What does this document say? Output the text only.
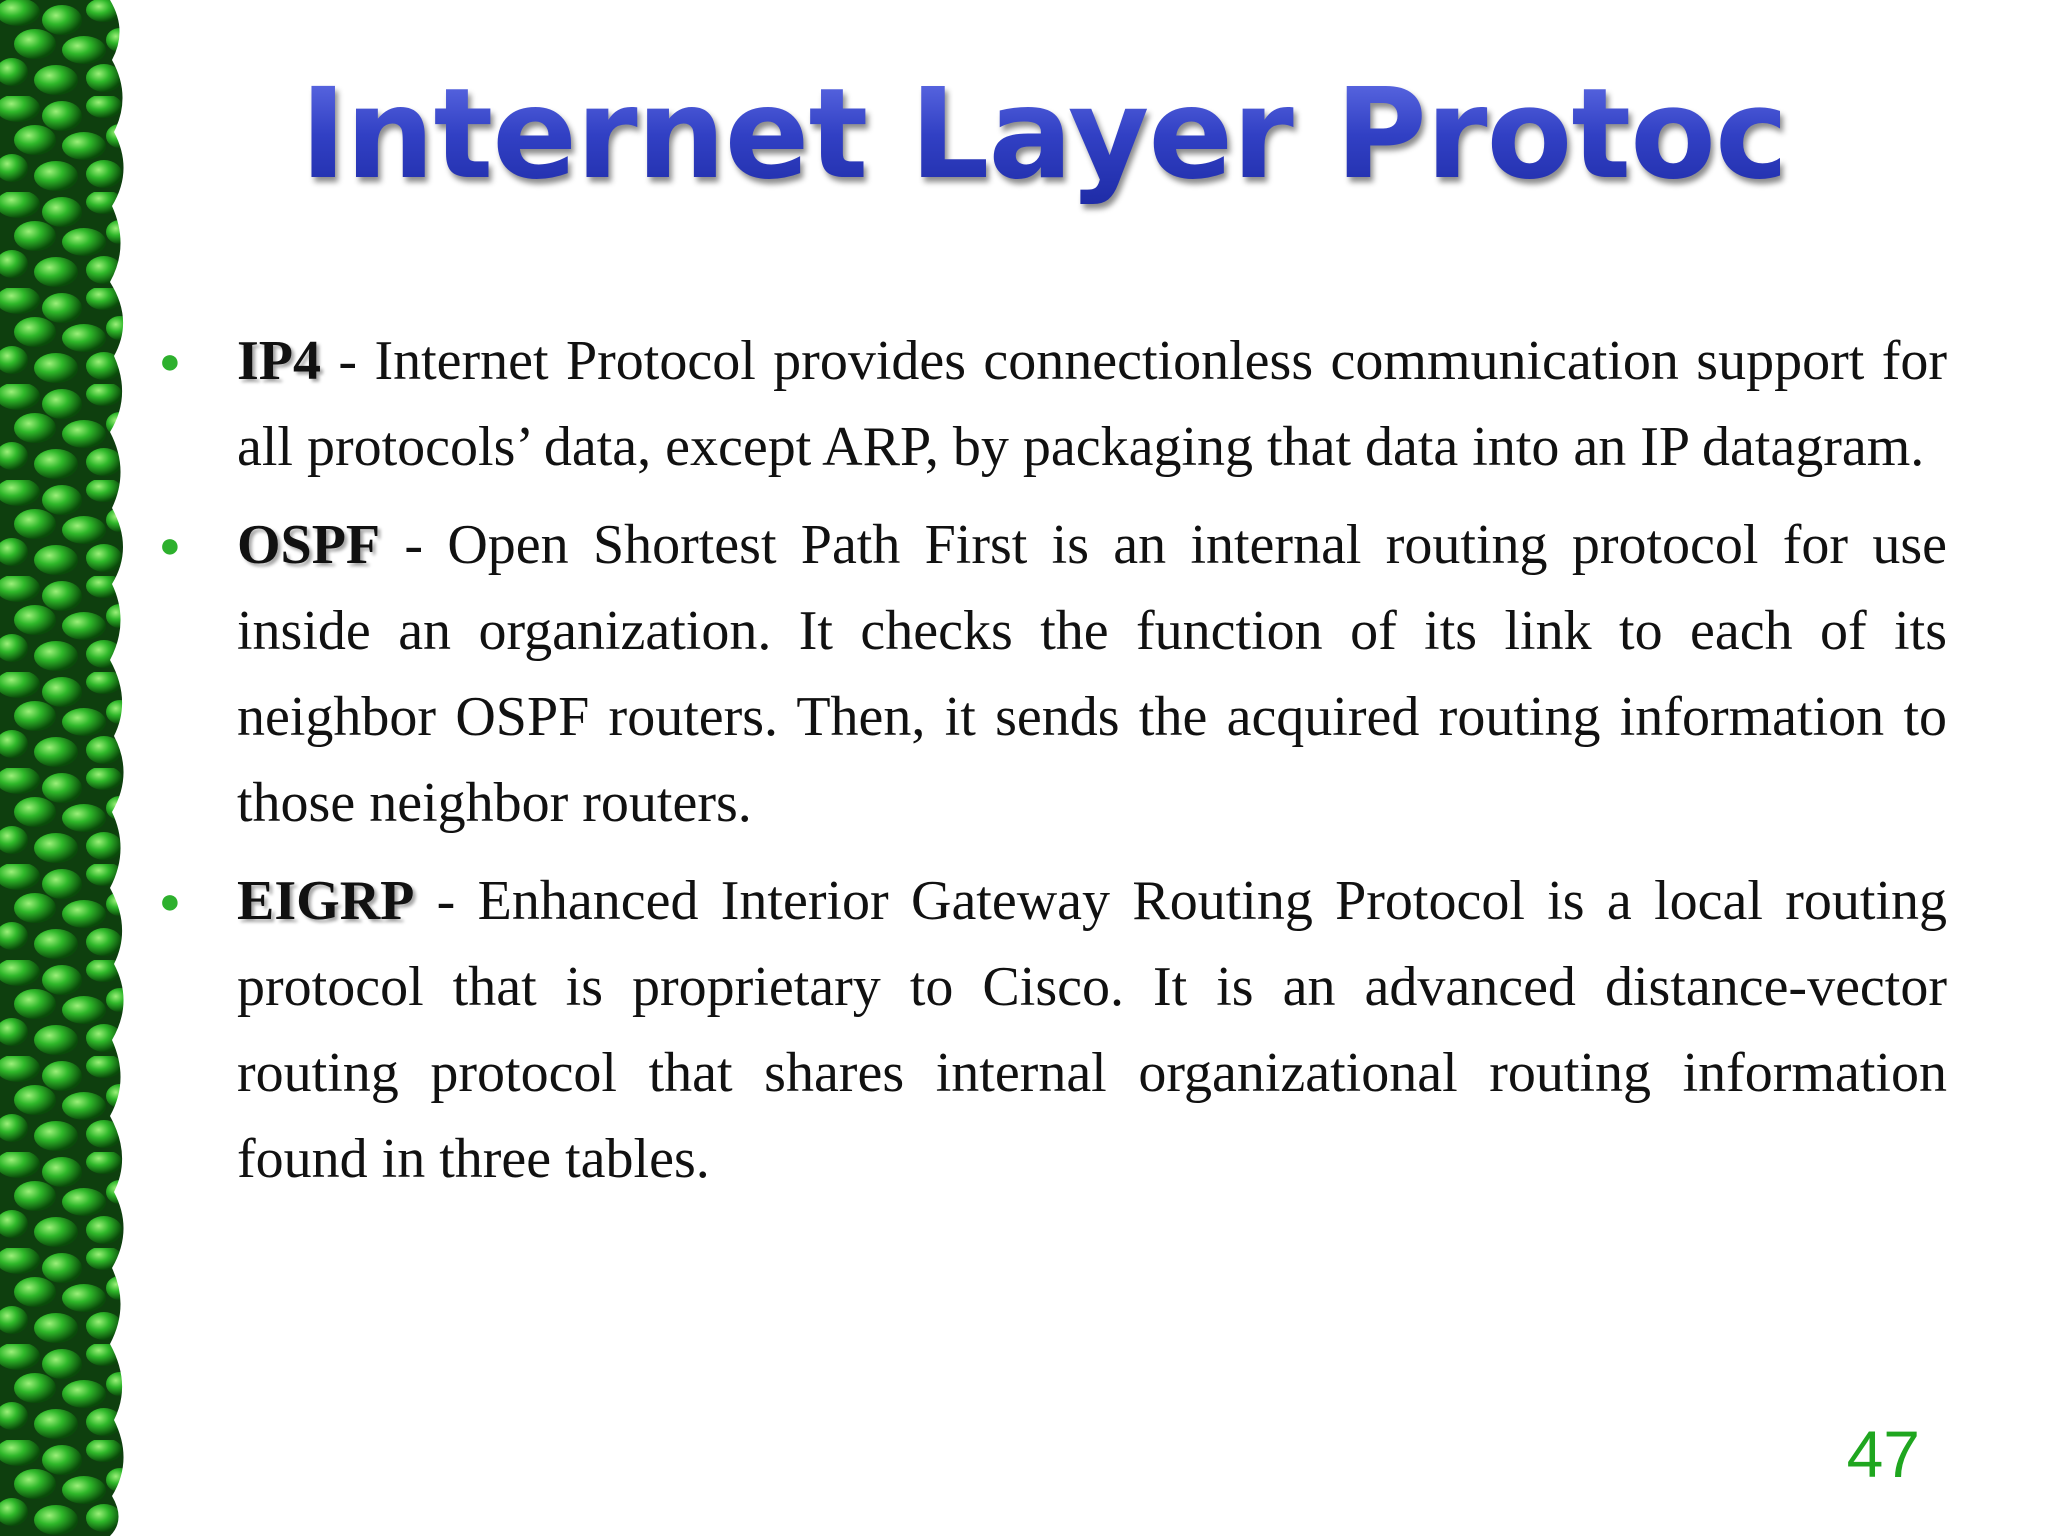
Internet Layer Protocols
● IP4 - Internet Protocol provides connectionless communication support for all protocols’ data, except ARP, by packaging that data into an IP datagram.

● OSPF - Open Shortest Path First is an internal routing protocol for use inside an organization. It checks the function of its link to each of its neighbor OSPF routers. Then, it sends the acquired routing information to those neighbor routers.

● EIGRP - Enhanced Interior Gateway Routing Protocol is a local routing protocol that is proprietary to Cisco. It is an advanced distance-vector routing protocol that shares internal organizational routing information found in three tables.

47
